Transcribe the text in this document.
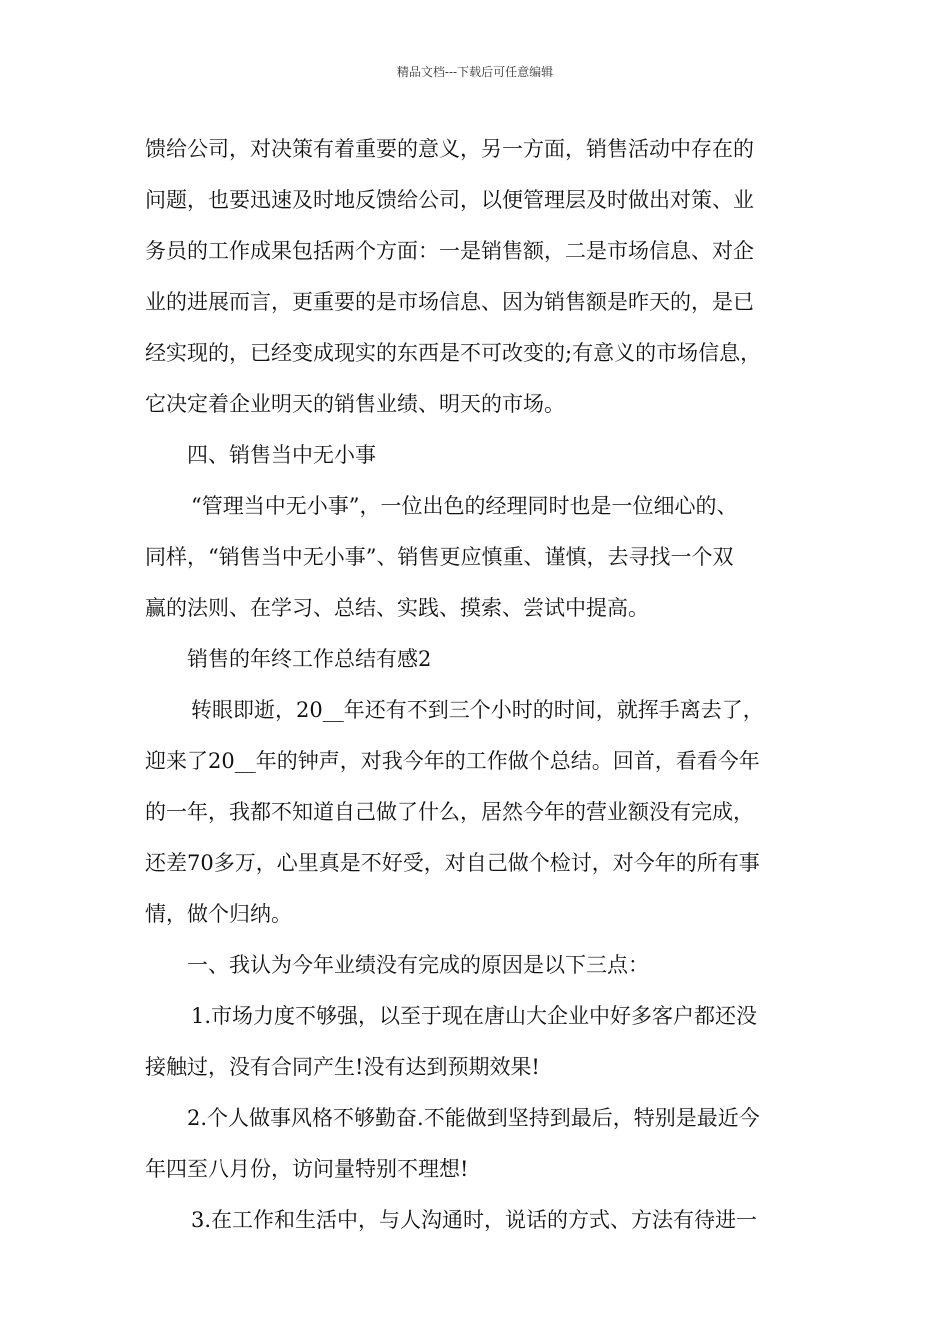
精品文档---下载后可任意编辑
馈给公司，对决策有着重要的意义，另一方面，销售活动中存在的
问题，也要迅速及时地反馈给公司，以便管理层及时做出对策、业
务员的工作成果包括两个方面：一是销售额，二是市场信息、对企
业的进展而言，更重要的是市场信息、因为销售额是昨天的，是已
经实现的，已经变成现实的东西是不可改变的;有意义的市场信息，
它决定着企业明天的销售业绩、明天的市场。
四、销售当中无小事
“管理当中无小事”，一位出色的经理同时也是一位细心的、
同样，“销售当中无小事”、销售更应慎重、谨慎，去寻找一个双
赢的法则、在学习、总结、实践、摸索、尝试中提高。
销售的年终工作总结有感2
转眼即逝，20__年还有不到三个小时的时间，就挥手离去了，
迎来了20__年的钟声，对我今年的工作做个总结。回首，看看今年
的一年，我都不知道自己做了什么，居然今年的营业额没有完成，
还差70多万，心里真是不好受，对自己做个检讨，对今年的所有事
情，做个归纳。
一、我认为今年业绩没有完成的原因是以下三点：
1.市场力度不够强，以至于现在唐山大企业中好多客户都还没
接触过，没有合同产生!没有达到预期效果!
2.个人做事风格不够勤奋.不能做到坚持到最后，特别是最近今
年四至八月份，访问量特别不理想!
3.在工作和生活中，与人沟通时，说话的方式、方法有待进一
